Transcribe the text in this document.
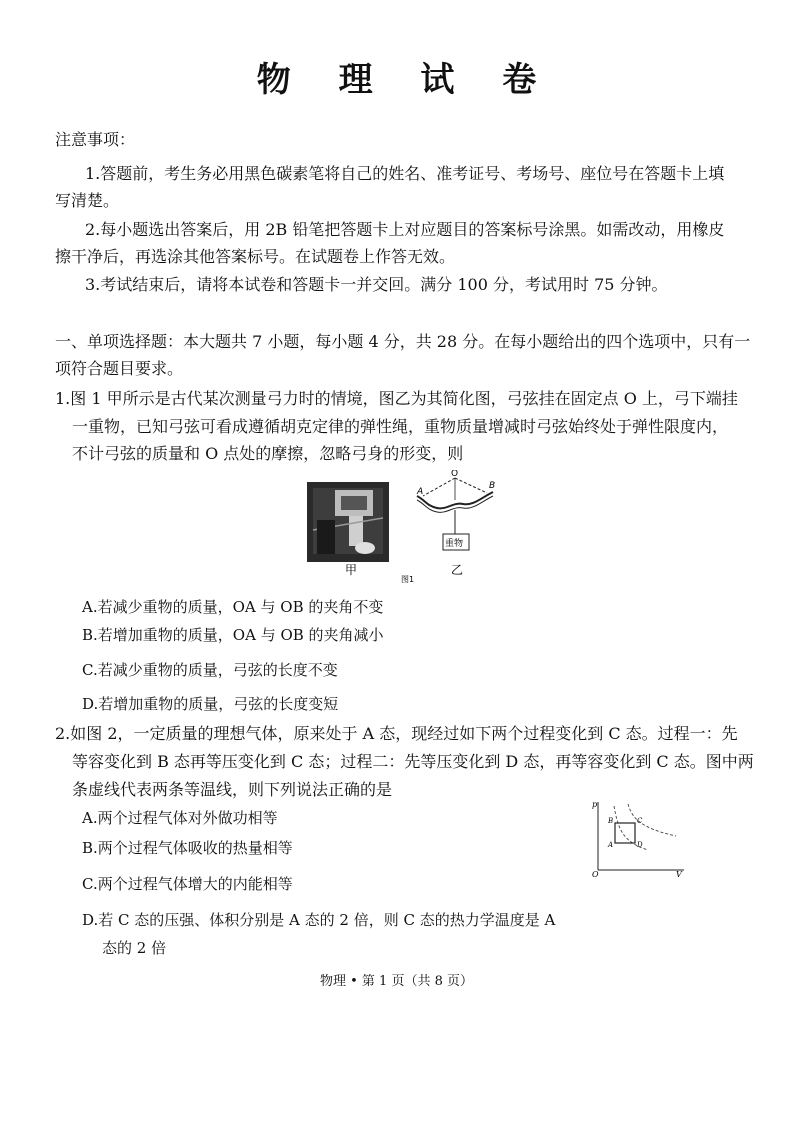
物 理 试 卷
注意事项：
1.答题前，考生务必用黑色碳素笔将自己的姓名、准考证号、考场号、座位号在答题卡上填
写清楚。
2.每小题选出答案后，用 2B 铅笔把答题卡上对应题目的答案标号涂黑。如需改动，用橡皮
擦干净后，再选涂其他答案标号。在试题卷上作答无效。
3.考试结束后，请将本试卷和答题卡一并交回。满分 100 分，考试用时 75 分钟。
一、单项选择题：本大题共 7 小题，每小题 4 分，共 28 分。在每小题给出的四个选项中，只有一
项符合题目要求。
1.图 1 甲所示是古代某次测量弓力时的情境，图乙为其简化图，弓弦挂在固定点 O 上，弓下端挂
一重物，已知弓弦可看成遵循胡克定律的弹性绳，重物质量增减时弓弦始终处于弹性限度内，
不计弓弦的质量和 O 点处的摩擦，忽略弓身的形变，则
O
A
B
重物
甲
图1
乙
A.若减少重物的质量，OA 与 OB 的夹角不变
B.若增加重物的质量，OA 与 OB 的夹角减小
C.若减少重物的质量，弓弦的长度不变
D.若增加重物的质量，弓弦的长度变短
2.如图 2，一定质量的理想气体，原来处于 A 态，现经过如下两个过程变化到 C 态。过程一：先
等容变化到 B 态再等压变化到 C 态；过程二：先等压变化到 D 态，再等容变化到 C 态。图中两
条虚线代表两条等温线，则下列说法正确的是
A.两个过程气体对外做功相等
B.两个过程气体吸收的热量相等
C.两个过程气体增大的内能相等
D.若 C 态的压强、体积分别是 A 态的 2 倍，则 C 态的热力学温度是 A
态的 2 倍
p
V
O
A
B	C
D
物理 • 第 1 页（共 8 页）
